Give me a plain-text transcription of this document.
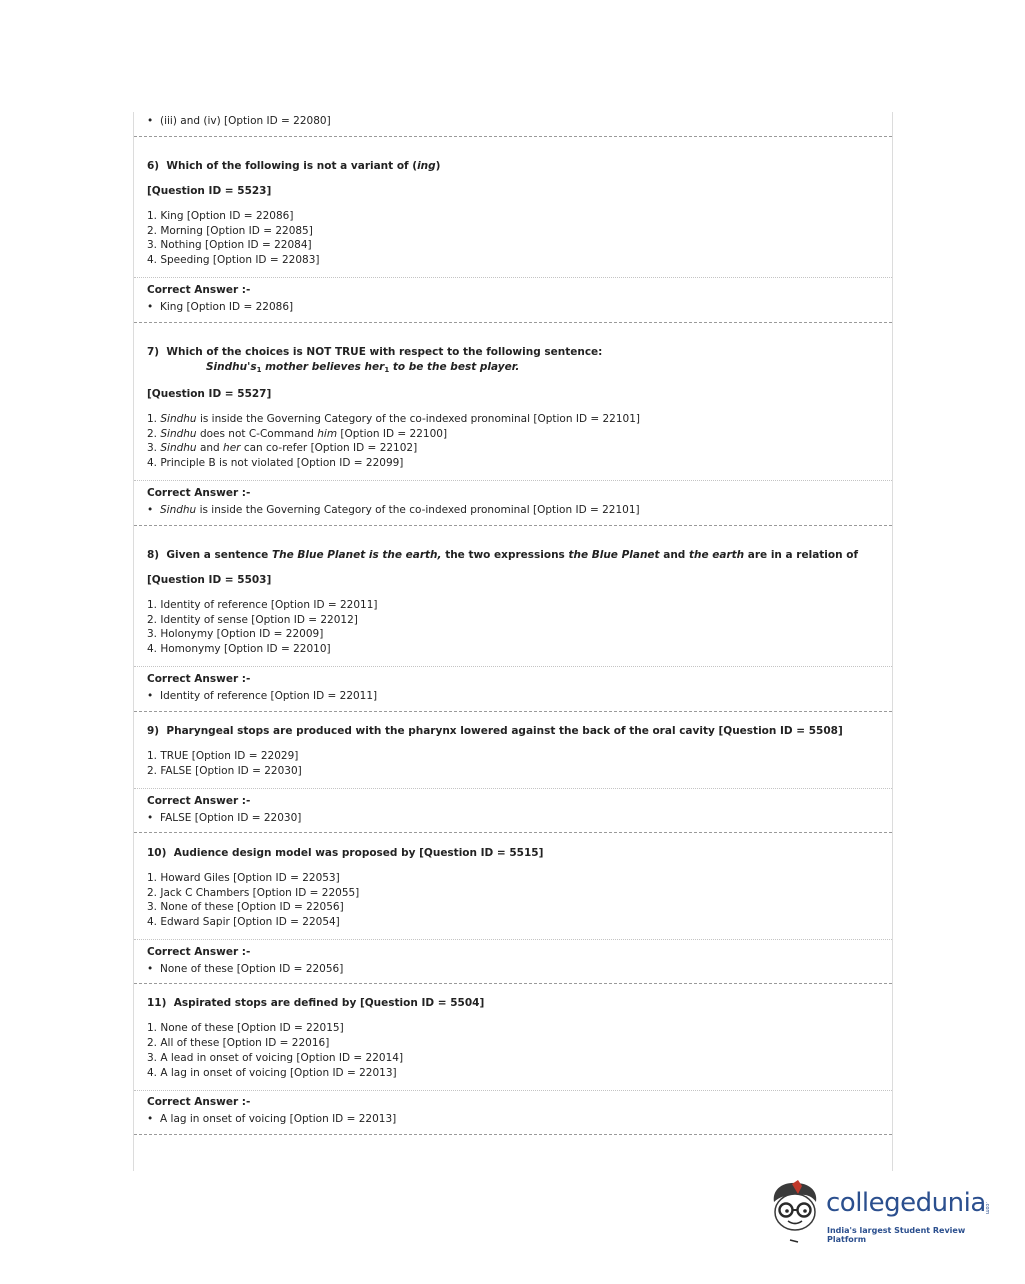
• (iii) and (iv) [Option ID = 22080]
6) Which of the following is not a variant of (ing)
[Question ID = 5523]
1. King [Option ID = 22086]
2. Morning [Option ID = 22085]
3. Nothing [Option ID = 22084]
4. Speeding [Option ID = 22083]
Correct Answer :-
• King [Option ID = 22086]
7) Which of the choices is NOT TRUE with respect to the following sentence:
$Sindhu's_1$ mother believes her$_1$ to be the best player.
[Question ID = 5527]
1. Sindhu is inside the Governing Category of the co-indexed pronominal [Option ID = 22101]
2. Sindhu does not C-Command him [Option ID = 22100]
3. Sindhu and her can co-refer [Option ID = 22102]
4. Principle B is not violated [Option ID = 22099]
Correct Answer :-
• Sindhu is inside the Governing Category of the co-indexed pronominal [Option ID = 22101]
8) Given a sentence The Blue Planet is the earth, the two expressions the Blue Planet and the earth are in a relation of
[Question ID = 5503]
1. Identity of reference [Option ID = 22011]
2. Identity of sense [Option ID = 22012]
3. Holonymy [Option ID = 22009]
4. Homonymy [Option ID = 22010]
Correct Answer :-
• Identity of reference [Option ID = 22011]
9) Pharyngeal stops are produced with the pharynx lowered against the back of the oral cavity [Question ID = 5508]
1. TRUE [Option ID = 22029]
2. FALSE [Option ID = 22030]
Correct Answer :-
• FALSE [Option ID = 22030]
10) Audience design model was proposed by [Question ID = 5515]
1. Howard Giles [Option ID = 22053]
2. Jack C Chambers [Option ID = 22055]
3. None of these [Option ID = 22056]
4. Edward Sapir [Option ID = 22054]
Correct Answer :-
• None of these [Option ID = 22056]
11) Aspirated stops are defined by [Question ID = 5504]
1. None of these [Option ID = 22015]
2. All of these [Option ID = 22016]
3. A lead in onset of voicing [Option ID = 22014]
4. A lag in onset of voicing [Option ID = 22013]
Correct Answer :-
• A lag in onset of voicing [Option ID = 22013]
collegedunia
.com
India's largest Student Review Platform
